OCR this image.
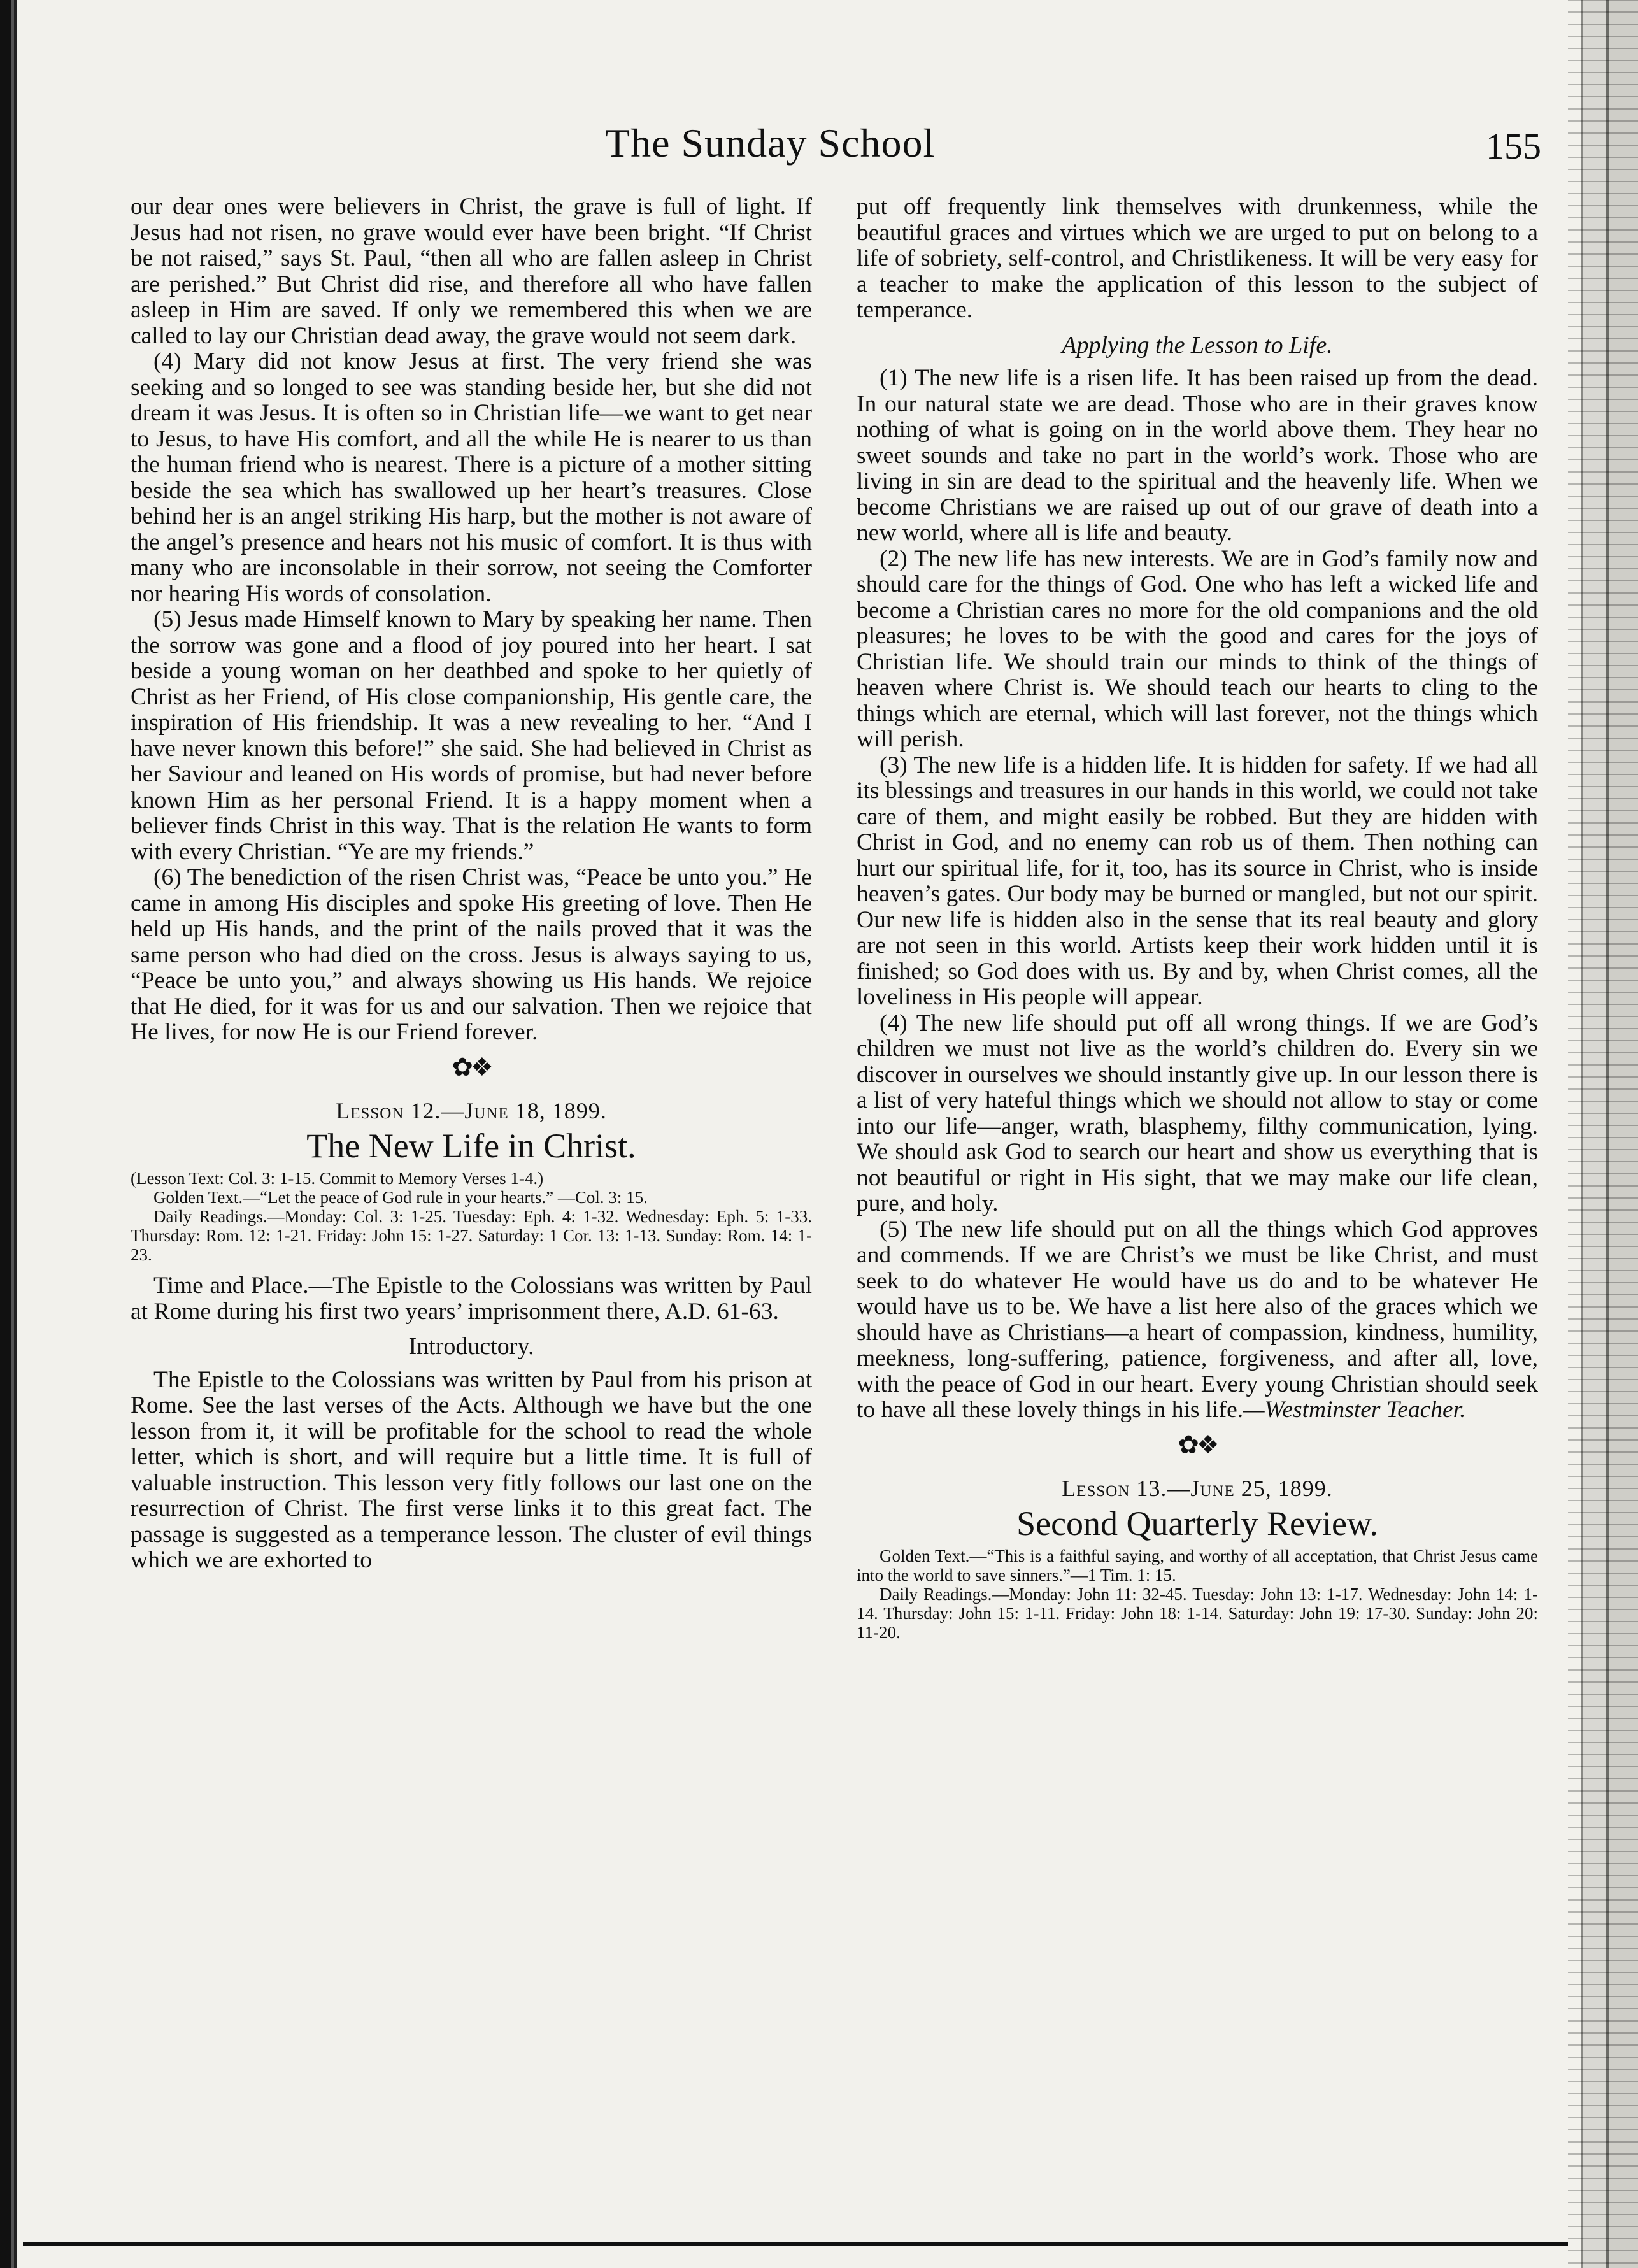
The Sunday School	155

our dear ones were believers in Christ, the grave is full of light. If Jesus had not risen, no grave would ever have been bright. “If Christ be not raised,” says St. Paul, “then all who are fallen asleep in Christ are perished.” But Christ did rise, and therefore all who have fallen asleep in Him are saved. If only we remembered this when we are called to lay our Christian dead away, the grave would not seem dark.

(4) Mary did not know Jesus at first. The very friend she was seeking and so longed to see was standing beside her, but she did not dream it was Jesus. It is often so in Christian life—we want to get near to Jesus, to have His comfort, and all the while He is nearer to us than the human friend who is nearest. There is a picture of a mother sitting beside the sea which has swallowed up her heart’s treasures. Close behind her is an angel striking His harp, but the mother is not aware of the angel’s presence and hears not his music of comfort. It is thus with many who are inconsolable in their sorrow, not seeing the Comforter nor hearing His words of consolation.

(5) Jesus made Himself known to Mary by speaking her name. Then the sorrow was gone and a flood of joy poured into her heart. I sat beside a young woman on her deathbed and spoke to her quietly of Christ as her Friend, of His close companionship, His gentle care, the inspiration of His friendship. It was a new revealing to her. “And I have never known this before!” she said. She had believed in Christ as her Saviour and leaned on His words of promise, but had never before known Him as her personal Friend. It is a happy moment when a believer finds Christ in this way. That is the relation He wants to form with every Christian. “Ye are my friends.”

(6) The benediction of the risen Christ was, “Peace be unto you.” He came in among His disciples and spoke His greeting of love. Then He held up His hands, and the print of the nails proved that it was the same person who had died on the cross. Jesus is always saying to us, “Peace be unto you,” and always showing us His hands. We rejoice that He died, for it was for us and our salvation. Then we rejoice that He lives, for now He is our Friend forever.

✿❖
Lesson 12.—June 18, 1899.
The New Life in Christ.

(Lesson Text: Col. 3: 1-15. Commit to Memory Verses 1-4.)

Golden Text.—“Let the peace of God rule in your hearts.” —Col. 3: 15.

Daily Readings.—Monday: Col. 3: 1-25. Tuesday: Eph. 4: 1-32. Wednesday: Eph. 5: 1-33. Thursday: Rom. 12: 1-21. Friday: John 15: 1-27. Saturday: 1 Cor. 13: 1-13. Sunday: Rom. 14: 1-23.

Time and Place.—The Epistle to the Colossians was written by Paul at Rome during his first two years’ imprisonment there, A.D. 61-63.

Introductory.

The Epistle to the Colossians was written by Paul from his prison at Rome. See the last verses of the Acts. Although we have but the one lesson from it, it will be profitable for the school to read the whole letter, which is short, and will require but a little time. It is full of valuable instruction. This lesson very fitly follows our last one on the resurrection of Christ. The first verse links it to this great fact. The passage is suggested as a temperance lesson. The cluster of evil things which we are exhorted to

put off frequently link themselves with drunkenness, while the beautiful graces and virtues which we are urged to put on belong to a life of sobriety, self-control, and Christlikeness. It will be very easy for a teacher to make the application of this lesson to the subject of temperance.

Applying the Lesson to Life.

(1) The new life is a risen life. It has been raised up from the dead. In our natural state we are dead. Those who are in their graves know nothing of what is going on in the world above them. They hear no sweet sounds and take no part in the world’s work. Those who are living in sin are dead to the spiritual and the heavenly life. When we become Christians we are raised up out of our grave of death into a new world, where all is life and beauty.

(2) The new life has new interests. We are in God’s family now and should care for the things of God. One who has left a wicked life and become a Christian cares no more for the old companions and the old pleasures; he loves to be with the good and cares for the joys of Christian life. We should train our minds to think of the things of heaven where Christ is. We should teach our hearts to cling to the things which are eternal, which will last forever, not the things which will perish.

(3) The new life is a hidden life. It is hidden for safety. If we had all its blessings and treasures in our hands in this world, we could not take care of them, and might easily be robbed. But they are hidden with Christ in God, and no enemy can rob us of them. Then nothing can hurt our spiritual life, for it, too, has its source in Christ, who is inside heaven’s gates. Our body may be burned or mangled, but not our spirit. Our new life is hidden also in the sense that its real beauty and glory are not seen in this world. Artists keep their work hidden until it is finished; so God does with us. By and by, when Christ comes, all the loveliness in His people will appear.

(4) The new life should put off all wrong things. If we are God’s children we must not live as the world’s children do. Every sin we discover in ourselves we should instantly give up. In our lesson there is a list of very hateful things which we should not allow to stay or come into our life—anger, wrath, blasphemy, filthy communication, lying. We should ask God to search our heart and show us everything that is not beautiful or right in His sight, that we may make our life clean, pure, and holy.

(5) The new life should put on all the things which God approves and commends. If we are Christ’s we must be like Christ, and must seek to do whatever He would have us do and to be whatever He would have us to be. We have a list here also of the graces which we should have as Christians—a heart of compassion, kindness, humility, meekness, long-suffering, patience, forgiveness, and after all, love, with the peace of God in our heart. Every young Christian should seek to have all these lovely things in his life.—Westminster Teacher.

✿❖
Lesson 13.—June 25, 1899.
Second Quarterly Review.

Golden Text.—“This is a faithful saying, and worthy of all acceptation, that Christ Jesus came into the world to save sinners.”—1 Tim. 1: 15.

Daily Readings.—Monday: John 11: 32-45. Tuesday: John 13: 1-17. Wednesday: John 14: 1-14. Thursday: John 15: 1-11. Friday: John 18: 1-14. Saturday: John 19: 17-30. Sunday: John 20: 11-20.
